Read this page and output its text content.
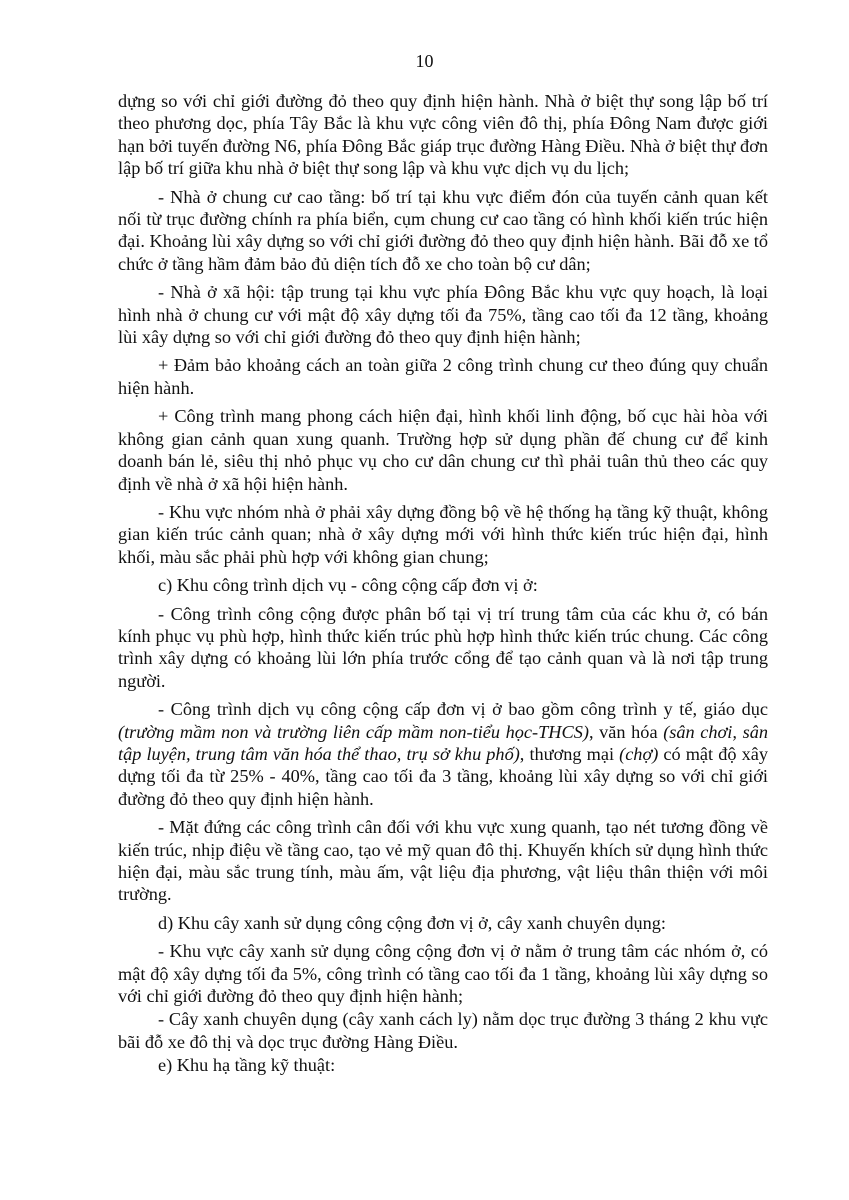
10

dựng so với chỉ giới đường đỏ theo quy định hiện hành. Nhà ở biệt thự song lập bố trí theo phương dọc, phía Tây Bắc là khu vực công viên đô thị, phía Đông Nam được giới hạn bởi tuyến đường N6, phía Đông Bắc giáp trục đường Hàng Điều. Nhà ở biệt thự đơn lập bố trí giữa khu nhà ở biệt thự song lập và khu vực dịch vụ du lịch;

- Nhà ở chung cư cao tầng: bố trí tại khu vực điểm đón của tuyến cảnh quan kết nối từ trục đường chính ra phía biển, cụm chung cư cao tầng có hình khối kiến trúc hiện đại. Khoảng lùi xây dựng so với chỉ giới đường đỏ theo quy định hiện hành. Bãi đỗ xe tổ chức ở tầng hầm đảm bảo đủ diện tích đỗ xe cho toàn bộ cư dân;

- Nhà ở xã hội: tập trung tại khu vực phía Đông Bắc khu vực quy hoạch, là loại hình nhà ở chung cư với mật độ xây dựng tối đa 75%, tầng cao tối đa 12 tầng, khoảng lùi xây dựng so với chỉ giới đường đỏ theo quy định hiện hành;

+ Đảm bảo khoảng cách an toàn giữa 2 công trình chung cư theo đúng quy chuẩn hiện hành.

+ Công trình mang phong cách hiện đại, hình khối linh động, bố cục hài hòa với không gian cảnh quan xung quanh. Trường hợp sử dụng phần đế chung cư để kinh doanh bán lẻ, siêu thị nhỏ phục vụ cho cư dân chung cư thì phải tuân thủ theo các quy định về nhà ở xã hội hiện hành.

- Khu vực nhóm nhà ở phải xây dựng đồng bộ về hệ thống hạ tầng kỹ thuật, không gian kiến trúc cảnh quan; nhà ở xây dựng mới với hình thức kiến trúc hiện đại, hình khối, màu sắc phải phù hợp với không gian chung;

c) Khu công trình dịch vụ - công cộng cấp đơn vị ở:

- Công trình công cộng được phân bố tại vị trí trung tâm của các khu ở, có bán kính phục vụ phù hợp, hình thức kiến trúc phù hợp hình thức kiến trúc chung. Các công trình xây dựng có khoảng lùi lớn phía trước cổng để tạo cảnh quan và là nơi tập trung người.

- Công trình dịch vụ công cộng cấp đơn vị ở bao gồm công trình y tế, giáo dục (trường mầm non và trường liên cấp mầm non-tiểu học-THCS), văn hóa (sân chơi, sân tập luyện, trung tâm văn hóa thể thao, trụ sở khu phố), thương mại (chợ) có mật độ xây dựng tối đa từ 25% - 40%, tầng cao tối đa 3 tầng, khoảng lùi xây dựng so với chỉ giới đường đỏ theo quy định hiện hành.

- Mặt đứng các công trình cân đối với khu vực xung quanh, tạo nét tương đồng về kiến trúc, nhịp điệu về tầng cao, tạo vẻ mỹ quan đô thị. Khuyến khích sử dụng hình thức hiện đại, màu sắc trung tính, màu ấm, vật liệu địa phương, vật liệu thân thiện với môi trường.

d) Khu cây xanh sử dụng công cộng đơn vị ở, cây xanh chuyên dụng:

- Khu vực cây xanh sử dụng công cộng đơn vị ở nằm ở trung tâm các nhóm ở, có mật độ xây dựng tối đa 5%, công trình có tầng cao tối đa 1 tầng, khoảng lùi xây dựng so với chỉ giới đường đỏ theo quy định hiện hành;

- Cây xanh chuyên dụng (cây xanh cách ly) nằm dọc trục đường 3 tháng 2 khu vực bãi đỗ xe đô thị và dọc trục đường Hàng Điều.

e) Khu hạ tầng kỹ thuật:
